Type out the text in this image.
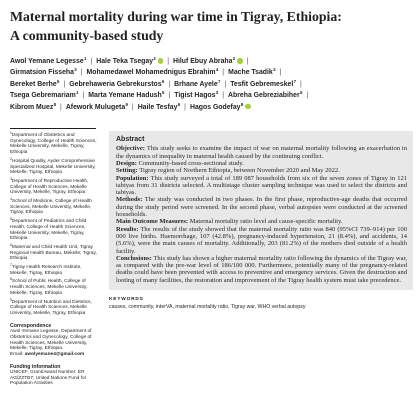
Maternal mortality during war time in Tigray, Ethiopia:
A community-based study
Awol Yemane Legesse$^1$ | Hale Teka Tsegay$^2$ | Hiluf Ebuy Abraha$^2$ |
Girmatsion Fisseha$^3$ | Mohamedawel Mohamednigus Ebrahim$^4$ | Mache Tsadik$^3$ |
Bereket Berhe$^5$ | Gebrehaweria Gebrekurstos$^6$ | Brhane Ayele$^7$ | Tesfit Gebremeskel$^7$ |
Tsega Gebremariam$^1$ | Marta Yemane Hadush$^5$ | Tigist Hagos$^3$ | Abreha Gebreziabiher$^5$ |
Kibrom Muez$^8$ | Afework Mulugeta$^9$ | Haile Tesfay$^6$ | Hagos Godefay$^8$
$^1$Department of Obstetrics and Gynecology, College of Health Sciences, Mekelle University, Mekelle, Tigray, Ethiopia
$^2$Hospital Quality, Ayder Comprehensive Specialized Hospital, Mekelle University, Mekelle, Tigray, Ethiopia
$^3$Department of Reproductive Health, College of Health Sciences, Mekelle University, Mekelle, Tigray, Ethiopia
$^4$School of Medicine, College of Health Sciences, Mekelle University, Mekelle, Tigray, Ethiopia
$^5$Department of Pediatrics and Child Health, College of Health Sciences, Mekelle University, Mekelle, Tigray, Ethiopia
$^6$Maternal and Child Health Unit, Tigray Regional Health Bureau, Mekelle, Tigray, Ethiopia
$^7$Tigray Health Research Institute, Mekelle, Tigray, Ethiopia
$^8$School of Public Health, College of Health Sciences, Mekelle University, Mekelle, Tigray, Ethiopia
$^9$Department of Nutrition and Dietetics, College of Health Sciences, Mekelle University, Mekelle, Tigray, Ethiopia
Correspondence
Awol Yemane Legesse, Department of Obstetrics and Gynecology, College of Health Sciences, Mekelle University, Mekelle, Tigray, Ethiopia.
Email: awolyemane4@gmail.com
Funding information
UNICEF, Grant/Award Number: ER AG/ZZTB7; United Nations Fund for Population Activities
Abstract

Objective: This study seeks to examine the impact of war on maternal mortality following an exacerbation in the dynamics of inequality in maternal health caused by the continuing conflict.

Design: Community-based cross-sectional study.

Setting: Tigray region of Northern Ethiopia, between November 2020 and May 2022.

Population: This study surveyed a total of 189 087 households from six of the seven zones of Tigray in 121 tabiyas from 31 districts selected. A multistage cluster sampling technique was used to select the districts and tabiyas.

Methods: The study was conducted in two phases. In the first phase, reproductive-age deaths that occurred during the study period were screened. In the second phase, verbal autopsies were conducted at the screened households.

Main Outcome Measures: Maternal mortality ratio level and cause-specific mortality.

Results: The results of the study showed that the maternal mortality ratio was 840 (95%CI 739–914) per 100 000 live births. Haemorrhage, 107 (42.8%), pregnancy-induced hypertension, 21 (8.4%), and accidents, 14 (5.6%), were the main causes of mortality. Additionally, 203 (81.2%) of the mothers died outside of a health facility.

Conclusions: This study has shown a higher maternal mortality ratio following the dynamics of the Tigray war, as compared with the pre-war level of 186/100 000. Furthermore, potentially many of the pregnancy-related deaths could have been prevented with access to preventive and emergency services. Given the destruction and looting of many facilities, the restoration and improvement of the Tigray health system must take precedence.

KEYWORDS
causes, community, interVA, maternal mortality ratio, Tigray war, WHO verbal autopsy
